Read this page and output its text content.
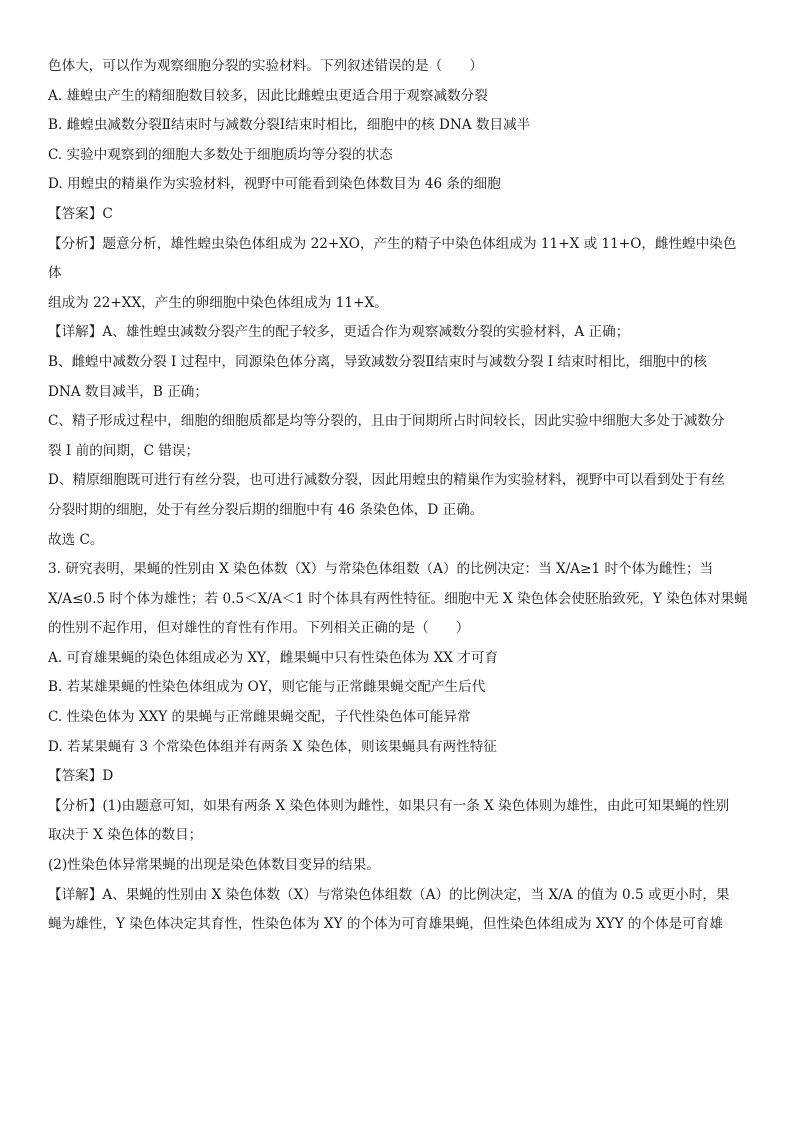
色体大，可以作为观察细胞分裂的实验材料。下列叙述错误的是（　　）

A. 雄蝗虫产生的精细胞数目较多，因此比雌蝗虫更适合用于观察减数分裂

B. 雌蝗虫减数分裂Ⅱ结束时与减数分裂Ⅰ结束时相比，细胞中的核 DNA 数目减半

C. 实验中观察到的细胞大多数处于细胞质均等分裂的状态

D. 用蝗虫的精巢作为实验材料，视野中可能看到染色体数目为 46 条的细胞

【答案】C

【分析】题意分析，雄性蝗虫染色体组成为 22+XO，产生的精子中染色体组成为 11+X 或 11+O，雌性蝗中染色体

组成为 22+XX，产生的卵细胞中染色体组成为 11+X。

【详解】A、雄性蝗虫减数分裂产生的配子较多，更适合作为观察减数分裂的实验材料，A 正确；

B、雌蝗中减数分裂 I 过程中，同源染色体分离，导致减数分裂Ⅱ结束时与减数分裂 I 结束时相比，细胞中的核

DNA 数目减半，B 正确；

C、精子形成过程中，细胞的细胞质都是均等分裂的，且由于间期所占时间较长，因此实验中细胞大多处于减数分

裂 I 前的间期，C 错误；

D、精原细胞既可进行有丝分裂，也可进行减数分裂，因此用蝗虫的精巢作为实验材料，视野中可以看到处于有丝

分裂时期的细胞，处于有丝分裂后期的细胞中有 46 条染色体，D 正确。

故选 C。

3. 研究表明，果蝇的性别由 X 染色体数（X）与常染色体组数（A）的比例决定：当 X/A≥1 时个体为雌性；当

X/A≤0.5 时个体为雄性；若 0.5＜X/A＜1 时个体具有两性特征。细胞中无 X 染色体会使胚胎致死，Y 染色体对果蝇

的性别不起作用，但对雄性的育性有作用。下列相关正确的是（　　）

A. 可育雄果蝇的染色体组成必为 XY，雌果蝇中只有性染色体为 XX 才可育

B. 若某雄果蝇的性染色体组成为 OY，则它能与正常雌果蝇交配产生后代

C. 性染色体为 XXY 的果蝇与正常雌果蝇交配，子代性染色体可能异常

D. 若某果蝇有 3 个常染色体组并有两条 X 染色体，则该果蝇具有两性特征

【答案】D

【分析】(1)由题意可知，如果有两条 X 染色体则为雌性，如果只有一条 X 染色体则为雄性，由此可知果蝇的性别

取决于 X 染色体的数目；

(2)性染色体异常果蝇的出现是染色体数目变异的结果。

【详解】A、果蝇的性别由 X 染色体数（X）与常染色体组数（A）的比例决定，当 X/A 的值为 0.5 或更小时，果

蝇为雄性，Y 染色体决定其育性，性染色体为 XY 的个体为可育雄果蝇，但性染色体组成为 XYY 的个体是可育雄
